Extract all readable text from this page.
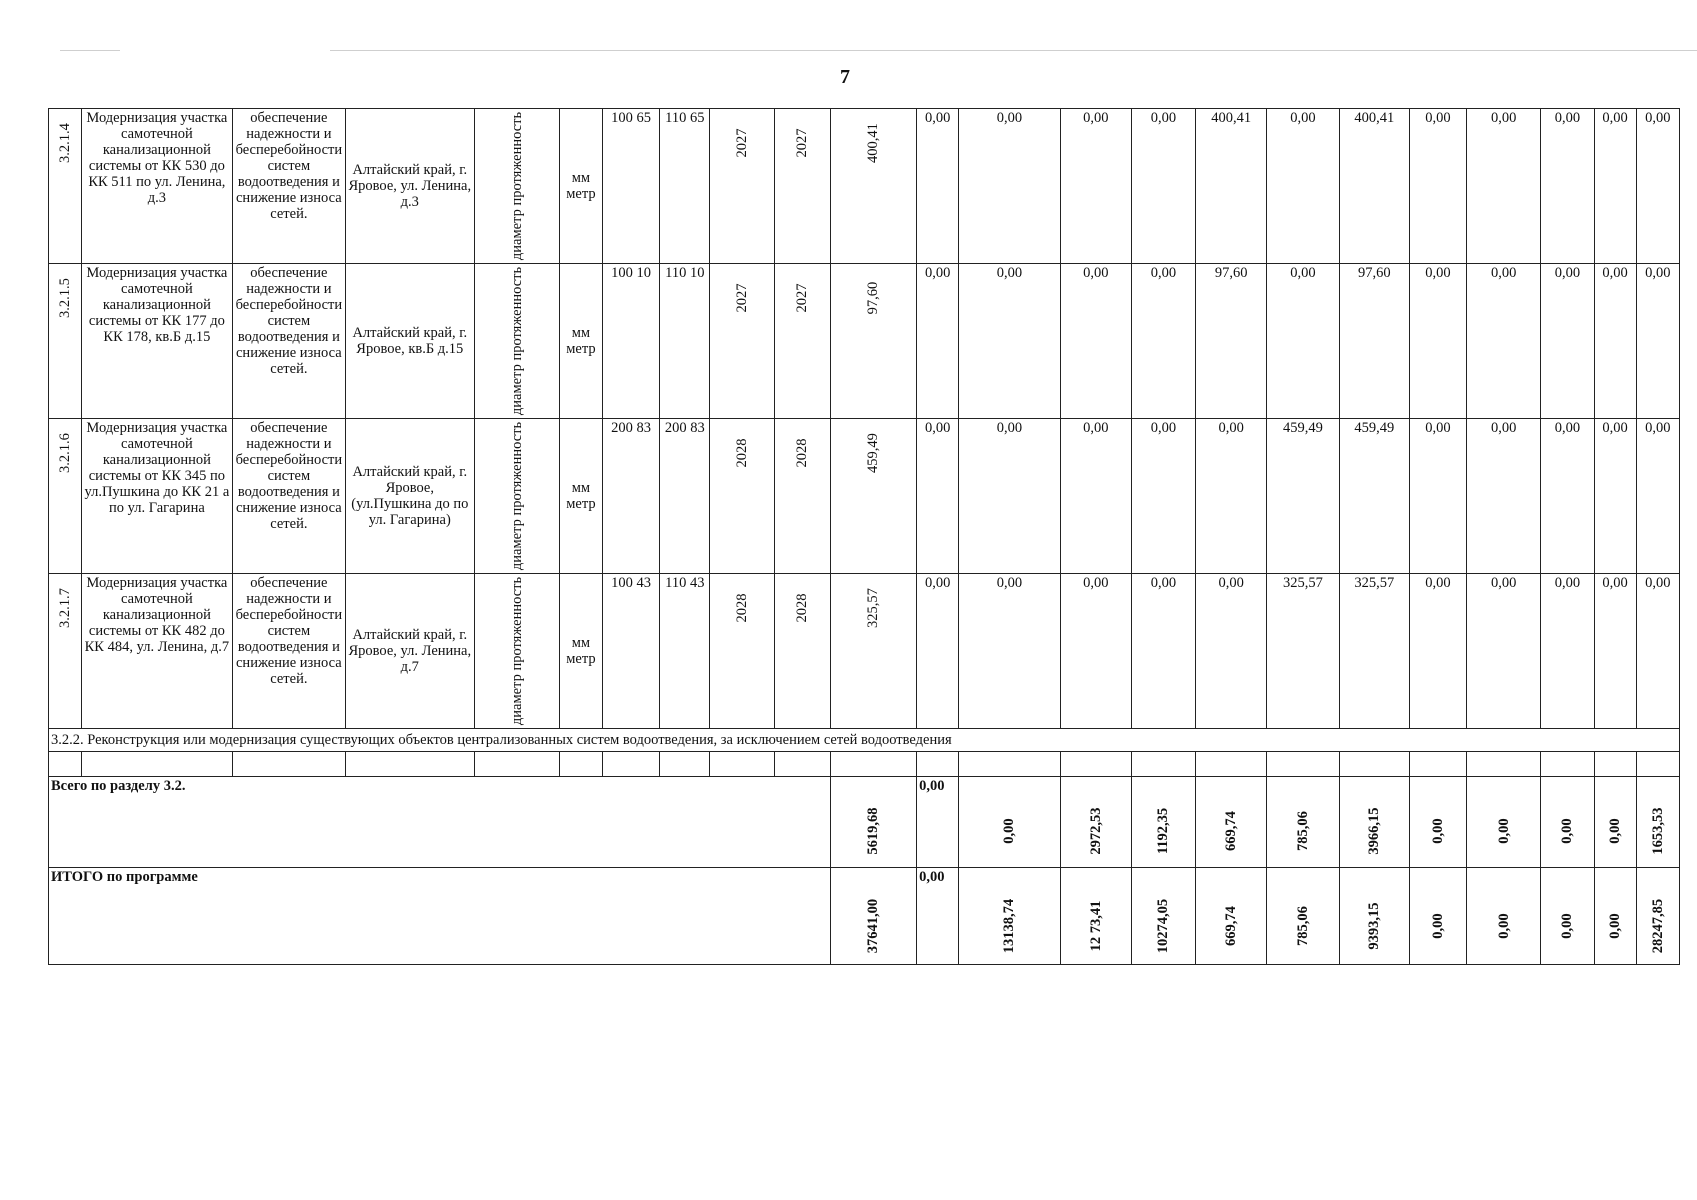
7
3.2.1.4	Модернизация участка самотечной канализационной системы от КК 530 до КК 511 по ул. Ленина, д.3	обеспечение надежности и бесперебойности систем водоотведения и снижение износа сетей.	Алтайский край, г. Яровое, ул. Ленина, д.3	диаметр протяженность	мм метр	100 65	110 65	2027	2027	400,41	0,00	0,00	0,00	0,00	400,41	0,00	400,41	0,00	0,00	0,00	0,00	0,00

3.2.1.5	Модернизация участка самотечной канализационной системы от КК 177 до КК 178, кв.Б д.15	обеспечение надежности и бесперебойности систем водоотведения и снижение износа сетей.	Алтайский край, г. Яровое, кв.Б д.15	диаметр протяженность	мм метр	100 10	110 10	2027	2027	97,60	0,00	0,00	0,00	0,00	97,60	0,00	97,60	0,00	0,00	0,00	0,00	0,00

3.2.1.6	Модернизация участка самотечной канализационной системы от КК 345 по ул.Пушкина до КК 21 а по ул. Гагарина	обеспечение надежности и бесперебойности систем водоотведения и снижение износа сетей.	Алтайский край, г. Яровое, (ул.Пушкина до по ул. Гагарина)	диаметр протяженность	мм метр	200 83	200 83	2028	2028	459,49	0,00	0,00	0,00	0,00	0,00	459,49	459,49	0,00	0,00	0,00	0,00	0,00

3.2.1.7	Модернизация участка самотечной канализационной системы от КК 482 до КК 484, ул. Ленина, д.7	обеспечение надежности и бесперебойности систем водоотведения и снижение износа сетей.	Алтайский край, г. Яровое, ул. Ленина, д.7	диаметр протяженность	мм метр	100 43	110 43	2028	2028	325,57	0,00	0,00	0,00	0,00	0,00	325,57	325,57	0,00	0,00	0,00	0,00	0,00
3.2.2. Реконструкция или модернизация существующих объектов централизованных систем водоотведения, за исключением сетей водоотведения																						

Всего по разделу 3.2.										5619,68	0,00	0,00	2972,53	1192,35	669,74	785,06	3966,15	0,00	0,00	0,00	0,00	1653,53

ИТОГО по программе										37641,00	0,00	13138,74	12 73,41	10274,05	669,74	785,06	9393,15	0,00	0,00	0,00	0,00	28247,85
